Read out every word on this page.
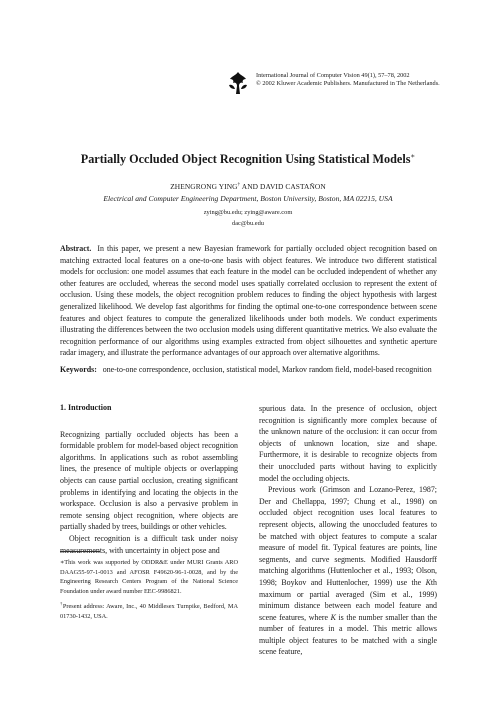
International Journal of Computer Vision 49(1), 57–78, 2002
© 2002 Kluwer Academic Publishers. Manufactured in The Netherlands.
Partially Occluded Object Recognition Using Statistical Models∗
ZHENGRONG YING† AND DAVID CASTAÑON
Electrical and Computer Engineering Department, Boston University, Boston, MA 02215, USA
zying@bu.edu; zying@aware.com
dac@bu.edu
Abstract. In this paper, we present a new Bayesian framework for partially occluded object recognition based on matching extracted local features on a one-to-one basis with object features. We introduce two different statistical models for occlusion: one model assumes that each feature in the model can be occluded independent of whether any other features are occluded, whereas the second model uses spatially correlated occlusion to represent the extent of occlusion. Using these models, the object recognition problem reduces to finding the object hypothesis with largest generalized likelihood. We develop fast algorithms for finding the optimal one-to-one correspondence between scene features and object features to compute the generalized likelihoods under both models. We conduct experiments illustrating the differences between the two occlusion models using different quantitative metrics. We also evaluate the recognition performance of our algorithms using examples extracted from object silhouettes and synthetic aperture radar imagery, and illustrate the performance advantages of our approach over alternative algorithms.
Keywords: one-to-one correspondence, occlusion, statistical model, Markov random field, model-based recognition
1. Introduction

Recognizing partially occluded objects has been a formidable problem for model-based object recognition algorithms. In applications such as robot assembling lines, the presence of multiple objects or overlapping objects can cause partial occlusion, creating significant problems in identifying and locating the objects in the workspace. Occlusion is also a pervasive problem in remote sensing object recognition, where objects are partially shaded by trees, buildings or other vehicles.

Object recognition is a difficult task under noisy measurements, with uncertainty in object pose and

∗This work was supported by ODDR&E under MURI Grants ARO DAAG55-97-1-0013 and AFOSR F49620-96-1-0028, and by the Engineering Research Centers Program of the National Science Foundation under award number EEC-9986821.

†Present address: Aware, Inc., 40 Middlesex Turnpike, Bedford, MA 01730-1432, USA.

spurious data. In the presence of occlusion, object recognition is significantly more complex because of the unknown nature of the occlusion: it can occur from objects of unknown location, size and shape. Furthermore, it is desirable to recognize objects from their unoccluded parts without having to explicitly model the occluding objects.

Previous work (Grimson and Lozano-Perez, 1987; Der and Chellappa, 1997; Chung et al., 1998) on occluded object recognition uses local features to represent objects, allowing the unoccluded features to be matched with object features to compute a scalar measure of model fit. Typical features are points, line segments, and curve segments. Modified Hausdorff matching algorithms (Huttenlocher et al., 1993; Olson, 1998; Boykov and Huttenlocher, 1999) use the Kth maximum or partial averaged (Sim et al., 1999) minimum distance between each model feature and scene features, where K is the number smaller than the number of features in a model. This metric allows multiple object features to be matched with a single scene feature,
